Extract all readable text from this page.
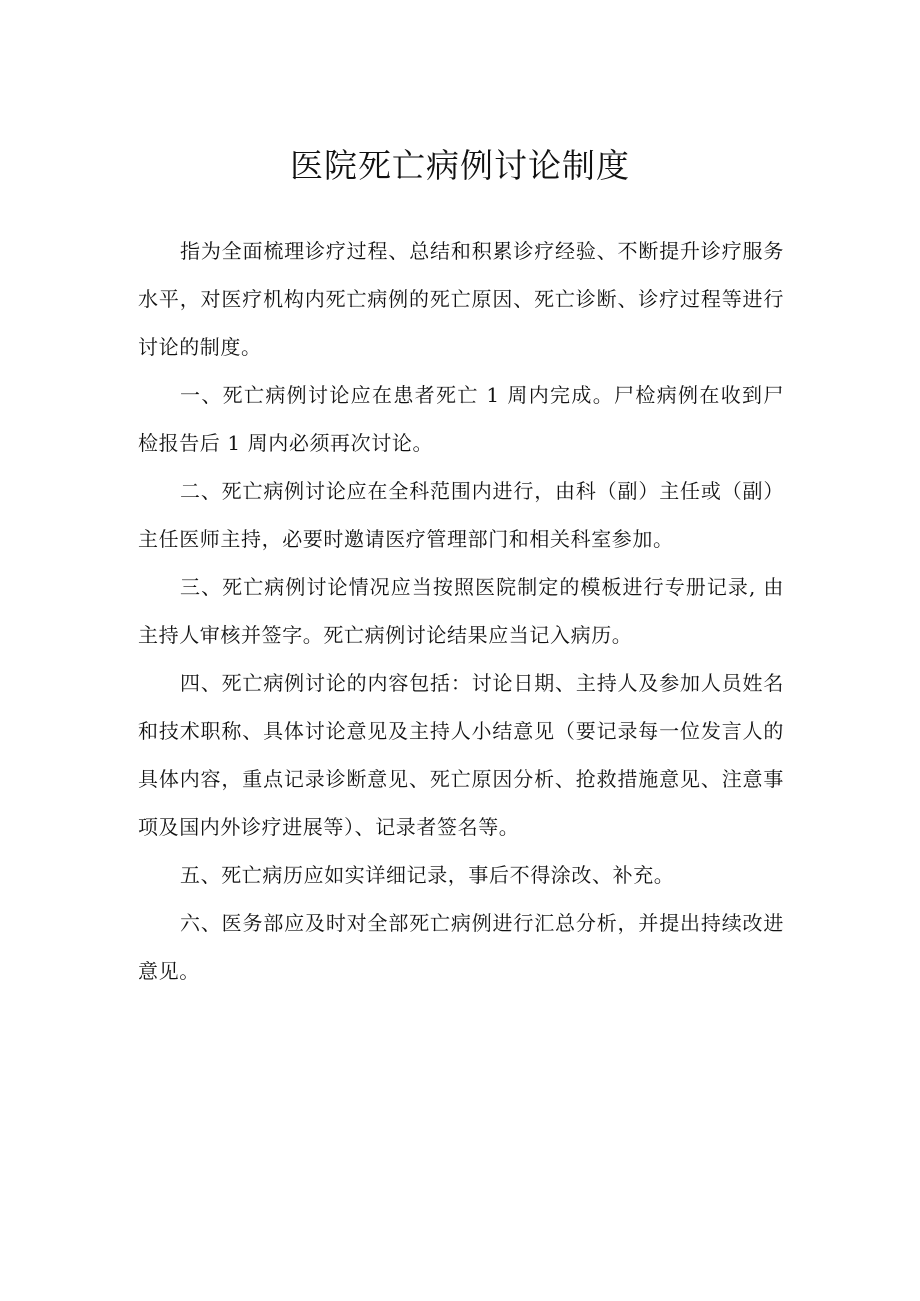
医院死亡病例讨论制度

指为全面梳理诊疗过程、总结和积累诊疗经验、不断提升诊疗服务水平，对医疗机构内死亡病例的死亡原因、死亡诊断、诊疗过程等进行讨论的制度。

一、死亡病例讨论应在患者死亡 1 周内完成。尸检病例在收到尸检报告后 1 周内必须再次讨论。

二、死亡病例讨论应在全科范围内进行，由科（副）主任或（副）主任医师主持，必要时邀请医疗管理部门和相关科室参加。

三、死亡病例讨论情况应当按照医院制定的模板进行专册记录, 由主持人审核并签字。死亡病例讨论结果应当记入病历。

四、死亡病例讨论的内容包括：讨论日期、主持人及参加人员姓名和技术职称、具体讨论意见及主持人小结意见（要记录每一位发言人的具体内容，重点记录诊断意见、死亡原因分析、抢救措施意见、注意事项及国内外诊疗进展等）、记录者签名等。

五、死亡病历应如实详细记录，事后不得涂改、补充。

六、医务部应及时对全部死亡病例进行汇总分析，并提出持续改进意见。
